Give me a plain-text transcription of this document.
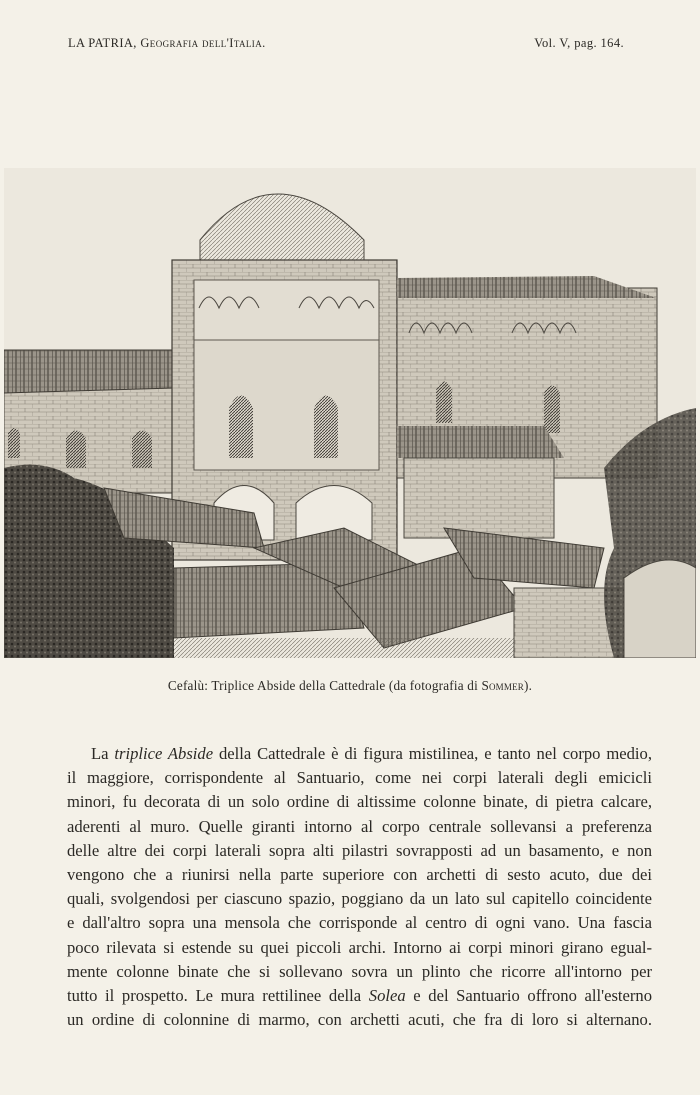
LA PATRIA, Geografia dell'Italia.	Vol. V, pag. 164.
Cefalù: Triplice Abside della Cattedrale (da fotografia di Sommer).
La triplice Abside della Cattedrale è di figura mistilinea, e tanto nel corpo medio,
il maggiore, corrispondente al Santuario, come nei corpi laterali degli emicicli
minori, fu decorata di un solo ordine di altissime colonne binate, di pietra calcare,
aderenti al muro. Quelle giranti intorno al corpo centrale sollevansi a preferenza
delle altre dei corpi laterali sopra alti pilastri sovrapposti ad un basamento, e non
vengono che a riunirsi nella parte superiore con archetti di sesto acuto, due dei
quali, svolgendosi per ciascuno spazio, poggiano da un lato sul capitello coincidente
e dall'altro sopra una mensola che corrisponde al centro di ogni vano. Una fascia
poco rilevata si estende su quei piccoli archi. Intorno ai corpi minori girano egual-
mente colonne binate che si sollevano sovra un plinto che ricorre all'intorno per
tutto il prospetto. Le mura rettilinee della Solea e del Santuario offrono all'esterno
un ordine di colonnine di marmo, con archetti acuti, che fra di loro si alternano.
